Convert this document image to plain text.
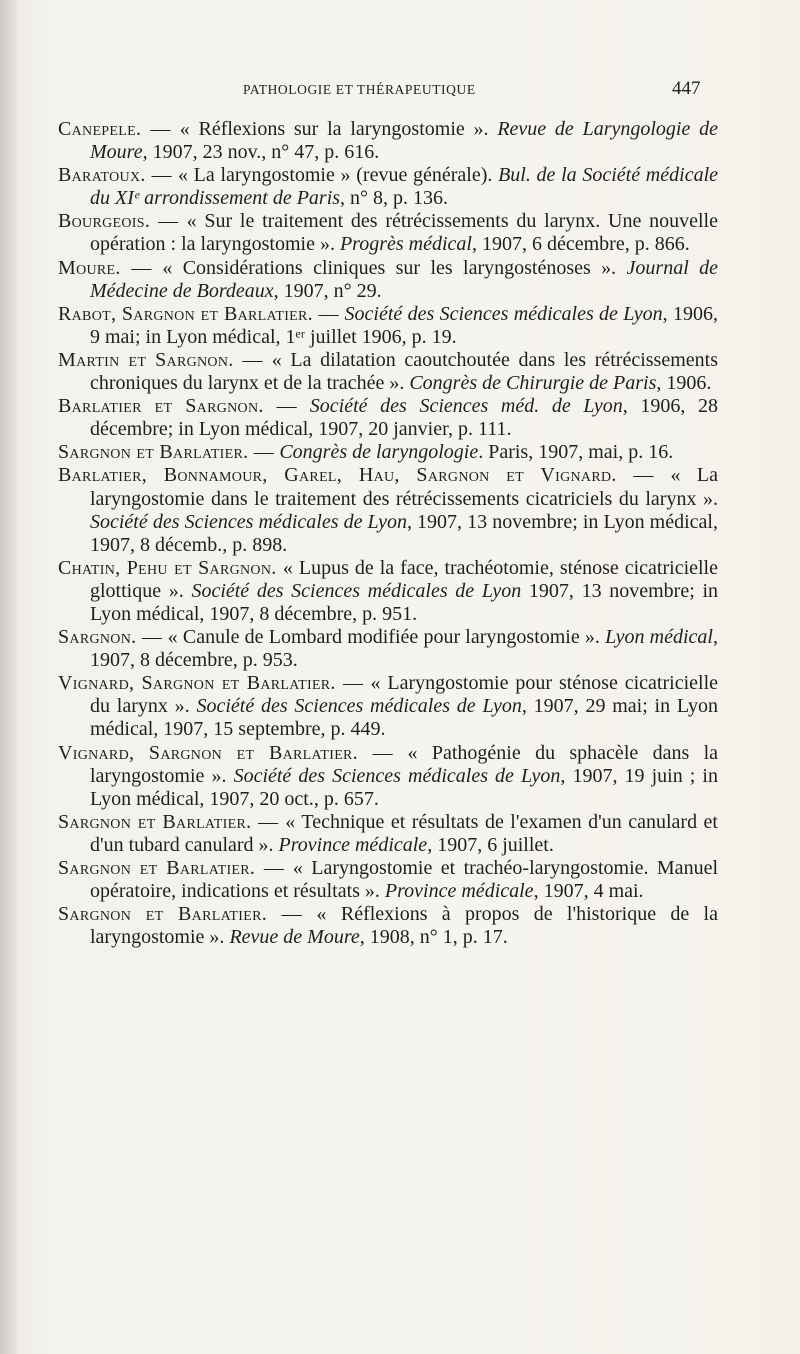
PATHOLOGIE ET THÉRAPEUTIQUE	447

Canepele. — « Réflexions sur la laryngostomie ». Revue de Laryngologie de Moure, 1907, 23 nov., n° 47, p. 616.

Baratoux. — « La laryngostomie » (revue générale). Bul. de la Société médicale du XIᵉ arrondissement de Paris, n° 8, p. 136.

Bourgeois. — « Sur le traitement des rétrécissements du larynx. Une nouvelle opération : la laryngostomie ». Progrès médical, 1907, 6 décembre, p. 866.

Moure. — « Considérations cliniques sur les laryngosténoses ». Journal de Médecine de Bordeaux, 1907, n° 29.

Rabot, Sargnon et Barlatier. — Société des Sciences médicales de Lyon, 1906, 9 mai; in Lyon médical, 1ᵉʳ juillet 1906, p. 19.

Martin et Sargnon. — « La dilatation caoutchoutée dans les rétrécissements chroniques du larynx et de la trachée ». Congrès de Chirurgie de Paris, 1906.

Barlatier et Sargnon. — Société des Sciences méd. de Lyon, 1906, 28 décembre; in Lyon médical, 1907, 20 janvier, p. 111.

Sargnon et Barlatier. — Congrès de laryngologie. Paris, 1907, mai, p. 16.

Barlatier, Bonnamour, Garel, Hau, Sargnon et Vignard. — « La laryngostomie dans le traitement des rétrécissements cicatriciels du larynx ». Société des Sciences médicales de Lyon, 1907, 13 novembre; in Lyon médical, 1907, 8 décemb., p. 898.

Chatin, Pehu et Sargnon. « Lupus de la face, trachéotomie, sténose cicatricielle glottique ». Société des Sciences médicales de Lyon 1907, 13 novembre; in Lyon médical, 1907, 8 décembre, p. 951.

Sargnon. — « Canule de Lombard modifiée pour laryngostomie ». Lyon médical, 1907, 8 décembre, p. 953.

Vignard, Sargnon et Barlatier. — « Laryngostomie pour sténose cicatricielle du larynx ». Société des Sciences médicales de Lyon, 1907, 29 mai; in Lyon médical, 1907, 15 septembre, p. 449.

Vignard, Sargnon et Barlatier. — « Pathogénie du sphacèle dans la laryngostomie ». Société des Sciences médicales de Lyon, 1907, 19 juin ; in Lyon médical, 1907, 20 oct., p. 657.

Sargnon et Barlatier. — « Technique et résultats de l'examen d'un canulard et d'un tubard canulard ». Province médicale, 1907, 6 juillet.

Sargnon et Barlatier. — « Laryngostomie et trachéo-laryngostomie. Manuel opératoire, indications et résultats ». Province médicale, 1907, 4 mai.

Sargnon et Barlatier. — « Réflexions à propos de l'historique de la laryngostomie ». Revue de Moure, 1908, n° 1, p. 17.
